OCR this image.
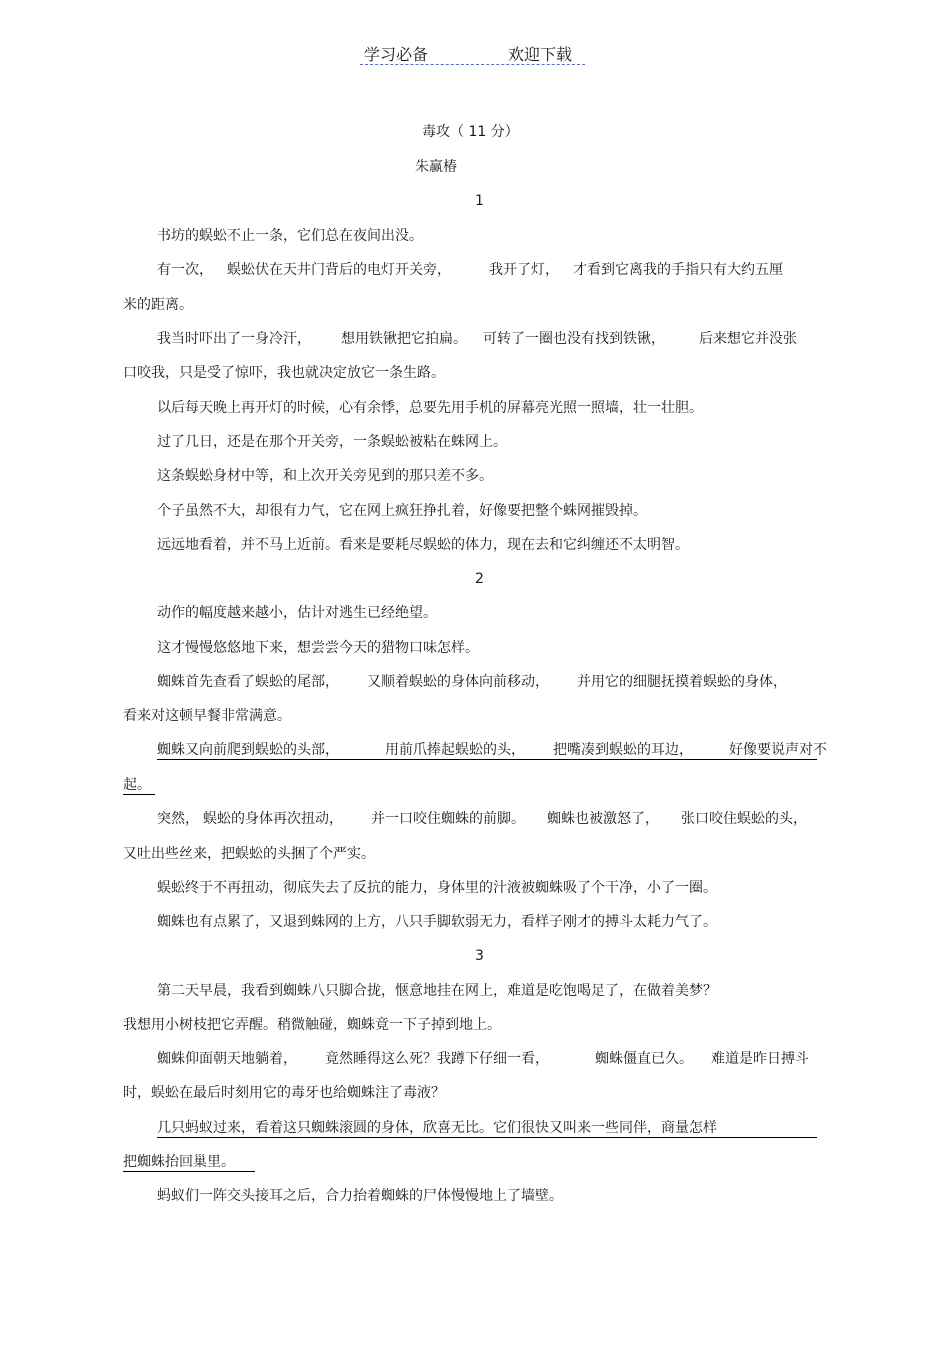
学习必备	欢迎下载
毒攻（ 11 分）
朱赢椿
1
书坊的蜈蚣不止一条，它们总在夜间出没。
有一次， 蜈蚣伏在天井门背后的电灯开关旁，	我开了灯， 才看到它离我的手指只有大约五厘
米的距离。
我当时吓出了一身冷汗， 想用铁锹把它拍扁。 可转了一圈也没有找到铁锹， 后来想它并没张
口咬我，只是受了惊吓，我也就决定放它一条生路。
以后每天晚上再开灯的时候，心有余悸，总要先用手机的屏幕亮光照一照墙，壮一壮胆。
过了几日，还是在那个开关旁，一条蜈蚣被粘在蛛网上。
这条蜈蚣身材中等，和上次开关旁见到的那只差不多。
个子虽然不大，却很有力气，它在网上疯狂挣扎着，好像要把整个蛛网摧毁掉。
远远地看着，并不马上近前。看来是要耗尽蜈蚣的体力，现在去和它纠缠还不太明智。
2
动作的幅度越来越小，估计对逃生已经绝望。
这才慢慢悠悠地下来，想尝尝今天的猎物口味怎样。
蜘蛛首先查看了蜈蚣的尾部， 又顺着蜈蚣的身体向前移动， 并用它的细腿抚摸着蜈蚣的身体，
看来对这顿早餐非常满意。
蜘蛛又向前爬到蜈蚣的头部，	用前爪捧起蜈蚣的头， 把嘴凑到蜈蚣的耳边，	好像要说声对不
起。
突然， 蜈蚣的身体再次扭动， 并一口咬住蜘蛛的前脚。 蜘蛛也被激怒了， 张口咬住蜈蚣的头，
又吐出些丝来，把蜈蚣的头捆了个严实。
蜈蚣终于不再扭动，彻底失去了反抗的能力，身体里的汁液被蜘蛛吸了个干净，小了一圈。
蜘蛛也有点累了，又退到蛛网的上方，八只手脚软弱无力，看样子刚才的搏斗太耗力气了。
3
第二天早晨，我看到蜘蛛八只脚合拢，惬意地挂在网上，难道是吃饱喝足了，在做着美梦？
我想用小树枝把它弄醒。稍微触碰，蜘蛛竟一下子掉到地上。
蜘蛛仰面朝天地躺着， 竟然睡得这么死？我蹲下仔细一看，	蜘蛛僵直已久。 难道是昨日搏斗
时，蜈蚣在最后时刻用它的毒牙也给蜘蛛注了毒液？
几只蚂蚁过来，看着这只蜘蛛滚圆的身体，欣喜无比。它们很快又叫来一些同伴，商量怎样
把蜘蛛抬回巢里。
蚂蚁们一阵交头接耳之后，合力抬着蜘蛛的尸体慢慢地上了墙壁。
